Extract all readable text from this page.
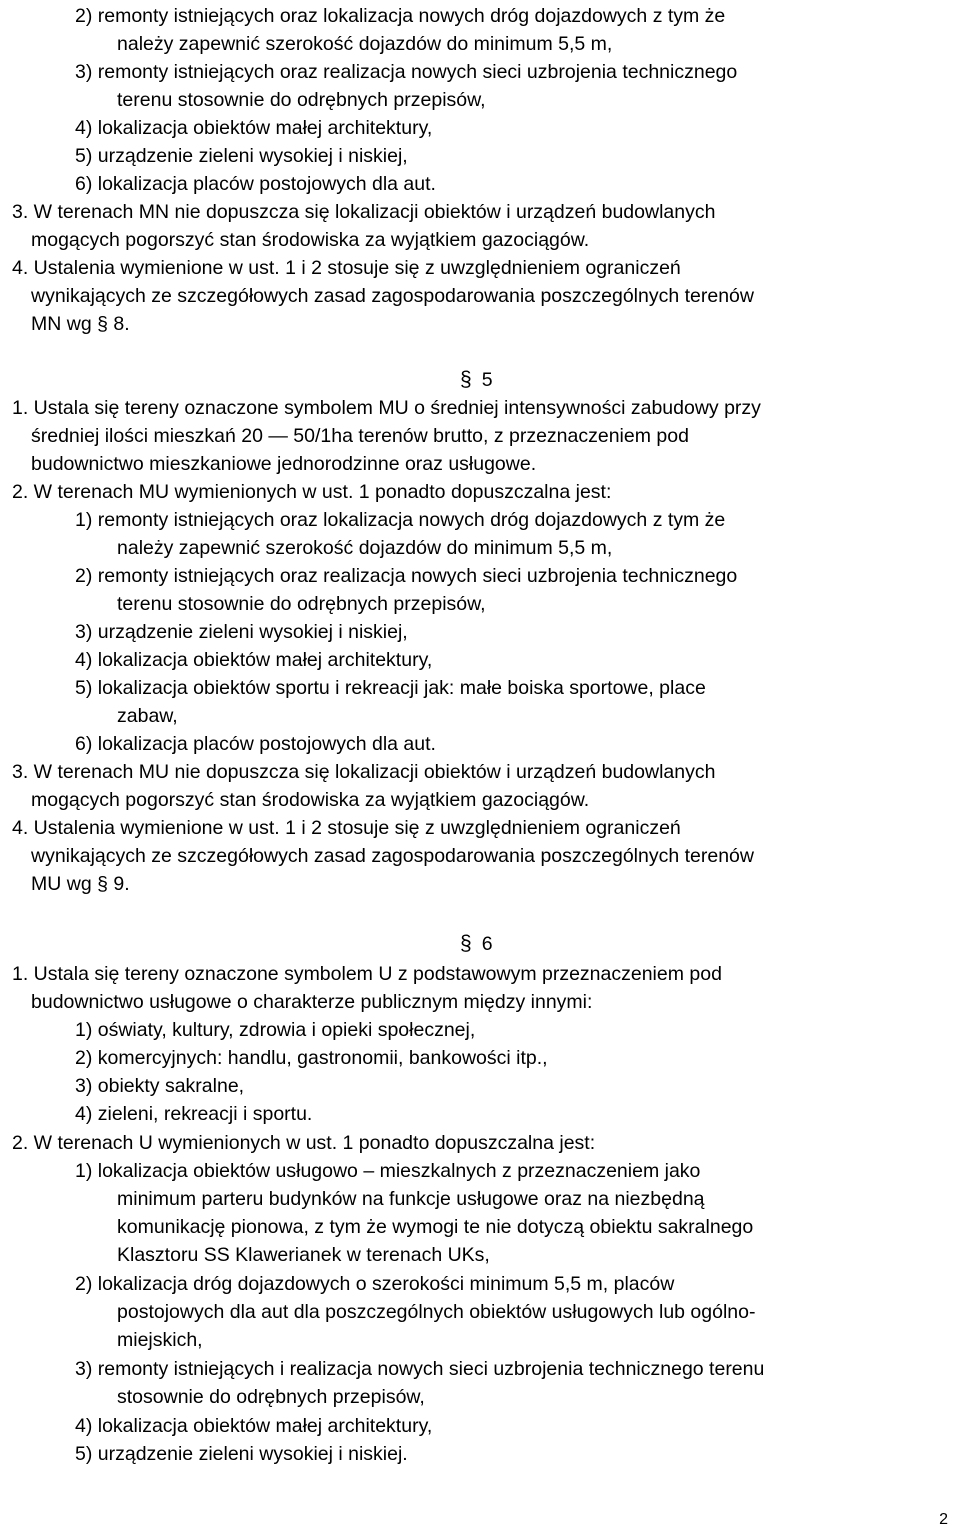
2) remonty istniejących oraz lokalizacja nowych dróg dojazdowych z tym że
należy zapewnić szerokość dojazdów do minimum 5,5 m,
3) remonty istniejących oraz realizacja nowych sieci uzbrojenia technicznego
terenu stosownie do odrębnych przepisów,
4) lokalizacja obiektów małej architektury,
5) urządzenie zieleni wysokiej i niskiej,
6) lokalizacja placów postojowych dla aut.
3. W terenach MN nie dopuszcza się lokalizacji obiektów i urządzeń budowlanych
mogących pogorszyć stan środowiska za wyjątkiem gazociągów.
4. Ustalenia wymienione w ust. 1 i 2 stosuje się z uwzględnieniem ograniczeń
wynikających ze szczegółowych zasad zagospodarowania poszczególnych terenów
MN wg § 8.
§ 5
1. Ustala się tereny oznaczone symbolem MU o średniej intensywności zabudowy przy
średniej ilości mieszkań 20 — 50/1ha terenów brutto, z przeznaczeniem pod
budownictwo mieszkaniowe jednorodzinne oraz usługowe.
2. W terenach MU wymienionych w ust. 1 ponadto dopuszczalna jest:
1) remonty istniejących oraz lokalizacja nowych dróg dojazdowych z tym że
należy zapewnić szerokość dojazdów do minimum 5,5 m,
2) remonty istniejących oraz realizacja nowych sieci uzbrojenia technicznego
terenu stosownie do odrębnych przepisów,
3) urządzenie zieleni wysokiej i niskiej,
4) lokalizacja obiektów małej architektury,
5) lokalizacja obiektów sportu i rekreacji jak: małe boiska sportowe, place
zabaw,
6) lokalizacja placów postojowych dla aut.
3. W terenach MU nie dopuszcza się lokalizacji obiektów i urządzeń budowlanych
mogących pogorszyć stan środowiska za wyjątkiem gazociągów.
4. Ustalenia wymienione w ust. 1 i 2 stosuje się z uwzględnieniem ograniczeń
wynikających ze szczegółowych zasad zagospodarowania poszczególnych terenów
MU wg § 9.
§ 6
1. Ustala się tereny oznaczone symbolem U z podstawowym przeznaczeniem pod
budownictwo usługowe o charakterze publicznym między innymi:
1) oświaty, kultury, zdrowia i opieki społecznej,
2) komercyjnych: handlu, gastronomii, bankowości itp.,
3) obiekty sakralne,
4) zieleni, rekreacji i sportu.
2. W terenach U wymienionych w ust. 1 ponadto dopuszczalna jest:
1) lokalizacja obiektów usługowo – mieszkalnych z przeznaczeniem jako
minimum parteru budynków na funkcje usługowe oraz na niezbędną
komunikację pionowa, z tym że wymogi te nie dotyczą obiektu sakralnego
Klasztoru SS Klawerianek w terenach UKs,
2) lokalizacja dróg dojazdowych o szerokości minimum 5,5 m, placów
postojowych dla aut dla poszczególnych obiektów usługowych lub ogólno-
miejskich,
3) remonty istniejących i realizacja nowych sieci uzbrojenia technicznego terenu
stosownie do odrębnych przepisów,
4) lokalizacja obiektów małej architektury,
5) urządzenie zieleni wysokiej i niskiej.
2
